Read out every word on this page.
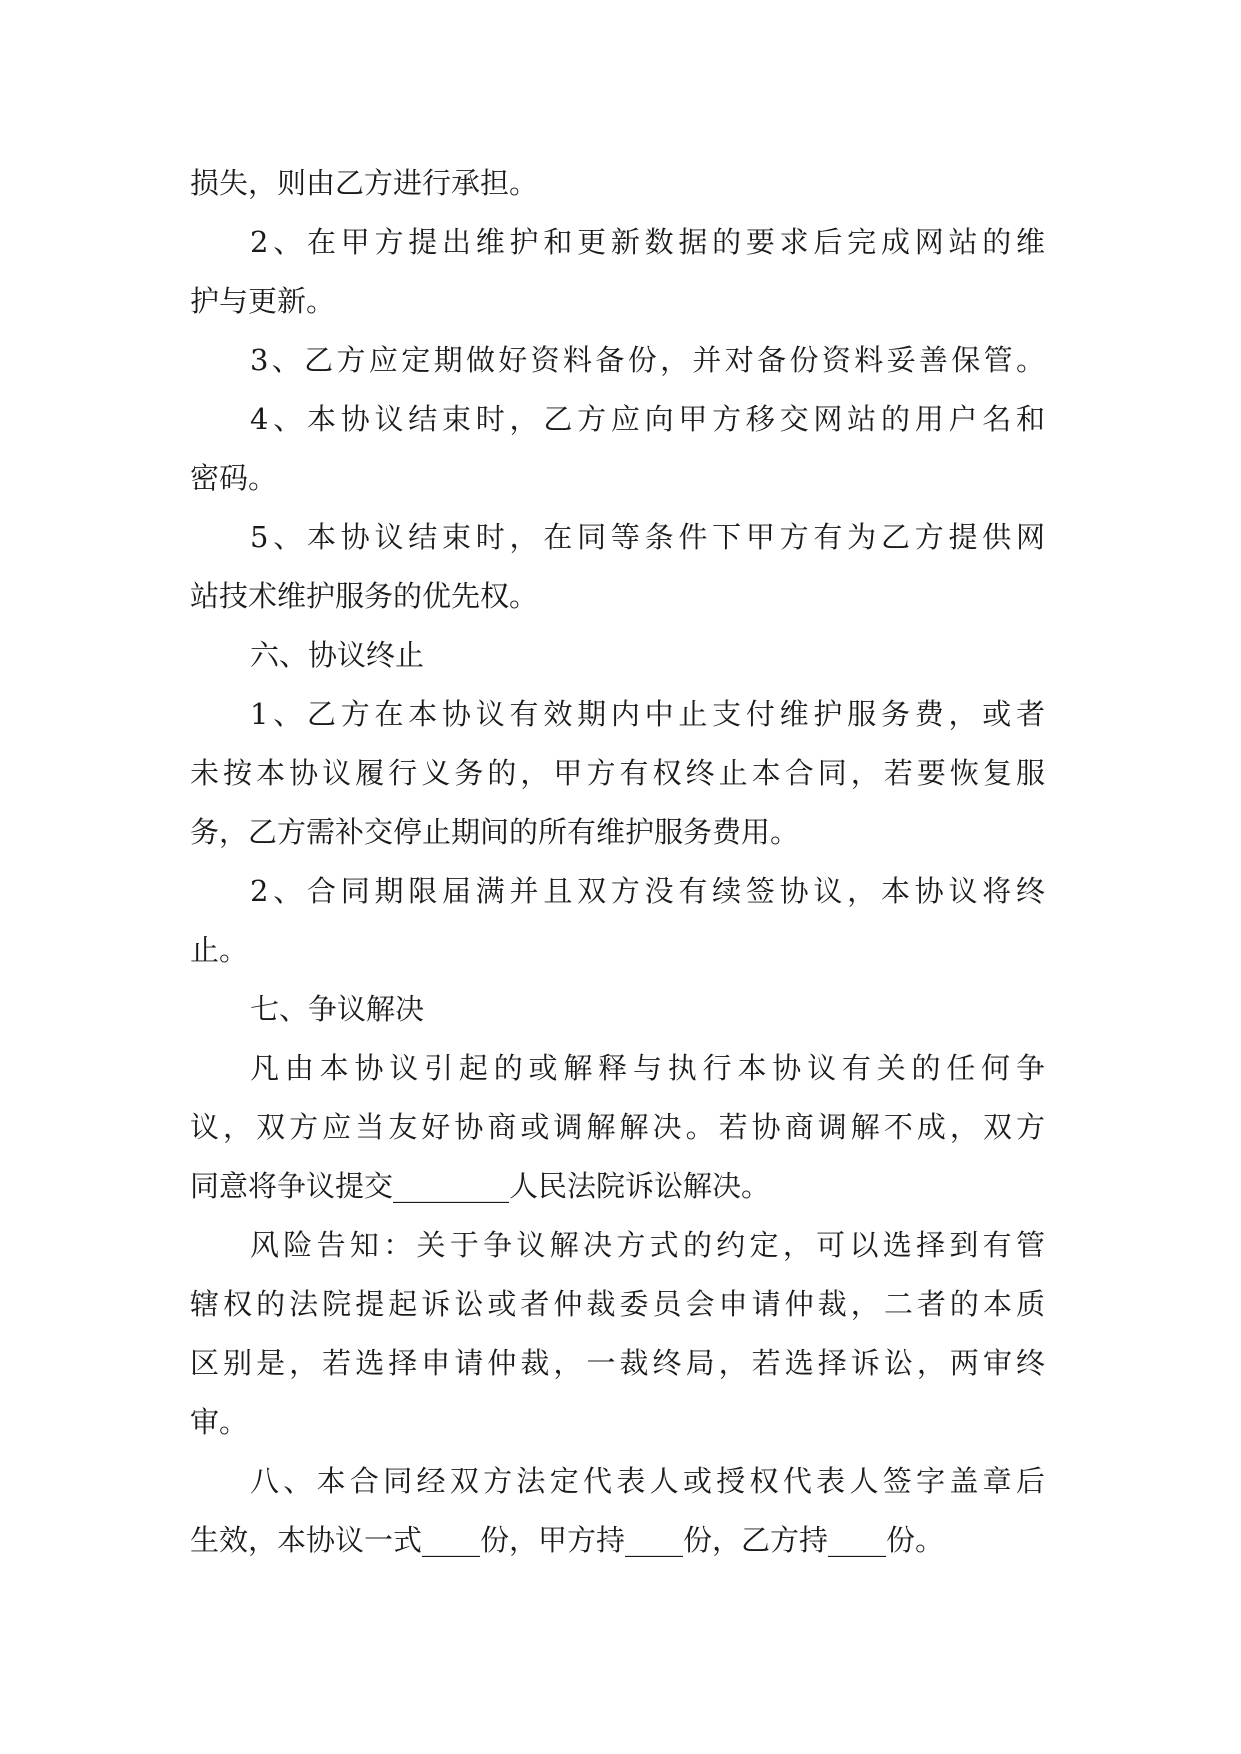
损失，则由乙方进行承担。
2、在甲方提出维护和更新数据的要求后完成网站的维
护与更新。
3、乙方应定期做好资料备份，并对备份资料妥善保管。
4、本协议结束时，乙方应向甲方移交网站的用户名和
密码。
5、本协议结束时，在同等条件下甲方有为乙方提供网
站技术维护服务的优先权。
六、协议终止
1、乙方在本协议有效期内中止支付维护服务费，或者
未按本协议履行义务的，甲方有权终止本合同，若要恢复服
务，乙方需补交停止期间的所有维护服务费用。
2、合同期限届满并且双方没有续签协议，本协议将终
止。
七、争议解决
凡由本协议引起的或解释与执行本协议有关的任何争
议，双方应当友好协商或调解解决。若协商调解不成，双方
同意将争议提交________人民法院诉讼解决。
风险告知：关于争议解决方式的约定，可以选择到有管
辖权的法院提起诉讼或者仲裁委员会申请仲裁，二者的本质
区别是，若选择申请仲裁，一裁终局，若选择诉讼，两审终
审。
八、本合同经双方法定代表人或授权代表人签字盖章后
生效，本协议一式____份，甲方持____份，乙方持____份。
